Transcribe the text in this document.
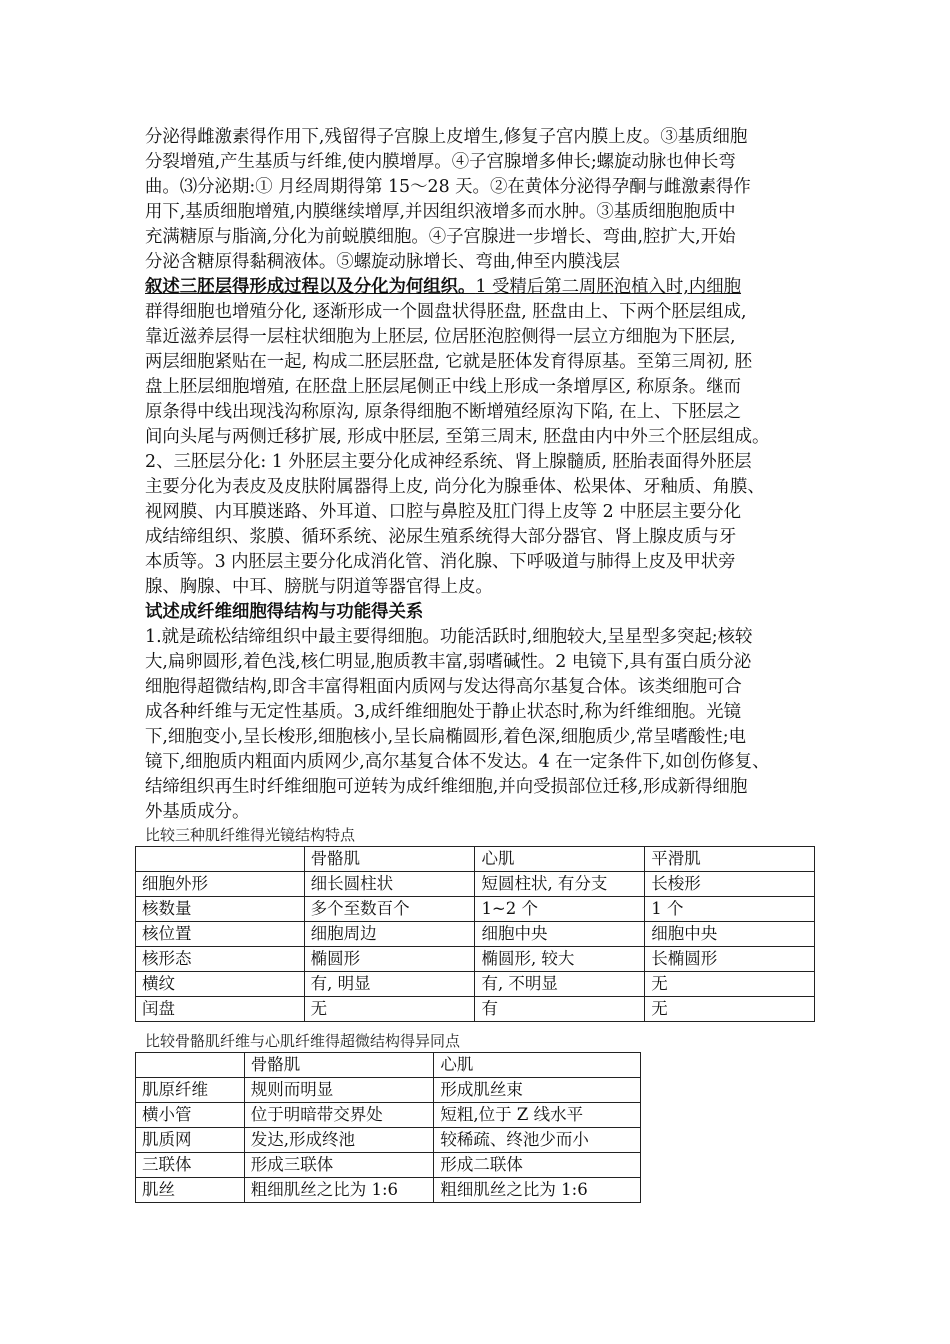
分泌得雌激素得作用下,残留得子宫腺上皮增生,修复子宫内膜上皮。③基质细胞
分裂增殖,产生基质与纤维,使内膜增厚。④子宫腺增多伸长;螺旋动脉也伸长弯
曲。⑶分泌期:① 月经周期得第 15～28 天。②在黄体分泌得孕酮与雌激素得作
用下,基质细胞增殖,内膜继续增厚,并因组织液增多而水肿。③基质细胞胞质中
充满糖原与脂滴,分化为前蜕膜细胞。④子宫腺进一步增长、弯曲,腔扩大,开始
分泌含糖原得黏稠液体。⑤螺旋动脉增长、弯曲,伸至内膜浅层
叙述三胚层得形成过程以及分化为何组织。1 受精后第二周胚泡植入时,内细胞
群得细胞也增殖分化, 逐渐形成一个圆盘状得胚盘, 胚盘由上、下两个胚层组成,
靠近滋养层得一层柱状细胞为上胚层, 位居胚泡腔侧得一层立方细胞为下胚层,
两层细胞紧贴在一起, 构成二胚层胚盘, 它就是胚体发育得原基。至第三周初, 胚
盘上胚层细胞增殖, 在胚盘上胚层尾侧正中线上形成一条增厚区, 称原条。继而
原条得中线出现浅沟称原沟, 原条得细胞不断增殖经原沟下陷, 在上、下胚层之
间向头尾与两侧迁移扩展, 形成中胚层, 至第三周末, 胚盘由内中外三个胚层组成。
2、三胚层分化: 1 外胚层主要分化成神经系统、肾上腺髓质, 胚胎表面得外胚层
主要分化为表皮及皮肤附属器得上皮, 尚分化为腺垂体、松果体、牙釉质、角膜、
视网膜、内耳膜迷路、外耳道、口腔与鼻腔及肛门得上皮等 2 中胚层主要分化
成结缔组织、浆膜、循环系统、泌尿生殖系统得大部分器官、肾上腺皮质与牙
本质等。3 内胚层主要分化成消化管、消化腺、下呼吸道与肺得上皮及甲状旁
腺、胸腺、中耳、膀胱与阴道等器官得上皮。
试述成纤维细胞得结构与功能得关系
1.就是疏松结缔组织中最主要得细胞。功能活跃时,细胞较大,呈星型多突起;核较
大,扁卵圆形,着色浅,核仁明显,胞质教丰富,弱嗜碱性。2 电镜下,具有蛋白质分泌
细胞得超微结构,即含丰富得粗面内质网与发达得高尔基复合体。该类细胞可合
成各种纤维与无定性基质。3,成纤维细胞处于静止状态时,称为纤维细胞。光镜
下,细胞变小,呈长梭形,细胞核小,呈长扁椭圆形,着色深,细胞质少,常呈嗜酸性;电
镜下,细胞质内粗面内质网少,高尔基复合体不发达。4 在一定条件下,如创伤修复、
结缔组织再生时纤维细胞可逆转为成纤维细胞,并向受损部位迁移,形成新得细胞
外基质成分。

比较三种肌纤维得光镜结构特点

	骨骼肌	心肌	平滑肌
细胞外形	细长圆柱状	短圆柱状, 有分支	长梭形
核数量	多个至数百个	1~2 个	1 个
核位置	细胞周边	细胞中央	细胞中央
核形态	椭圆形	椭圆形, 较大	长椭圆形
横纹	有, 明显	有, 不明显	无
闰盘	无	有	无

比较骨骼肌纤维与心肌纤维得超微结构得异同点

	骨骼肌	心肌
肌原纤维	规则而明显	形成肌丝束
横小管	位于明暗带交界处	短粗,位于 Z 线水平
肌质网	发达,形成终池	较稀疏、终池少而小
三联体	形成三联体	形成二联体
肌丝	粗细肌丝之比为 1:6	粗细肌丝之比为 1:6
